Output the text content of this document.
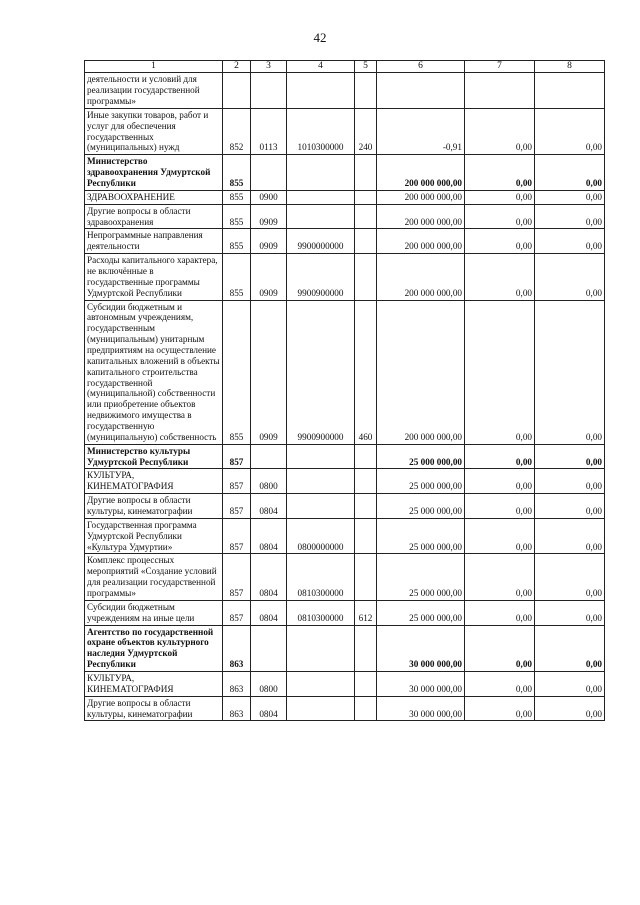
42
1	2	3	4	5	6	7	8
деятельности и условий для реализации государственной программы»							
Иные закупки товаров, работ и услуг для обеспечения государственных (муниципальных) нужд	852	0113	1010300000	240	-0,91	0,00	0,00
Министерство здравоохранения Удмуртской Республики	855				200 000 000,00	0,00	0,00
ЗДРАВООХРАНЕНИЕ	855	0900			200 000 000,00	0,00	0,00
Другие вопросы в области здравоохранения	855	0909			200 000 000,00	0,00	0,00
Непрограммные направления деятельности	855	0909	9900000000		200 000 000,00	0,00	0,00
Расходы капитального характера, не включённые в государственные программы Удмуртской Республики	855	0909	9900900000		200 000 000,00	0,00	0,00
Субсидии бюджетным и автономным учреждениям, государственным (муниципальным) унитарным предприятиям на осуществление капитальных вложений в объекты капитального строительства государственной (муниципальной) собственности или приобретение объектов недвижимого имущества в государственную (муниципальную) собственность	855	0909	9900900000	460	200 000 000,00	0,00	0,00
Министерство культуры Удмуртской Республики	857				25 000 000,00	0,00	0,00
КУЛЬТУРА, КИНЕМАТОГРАФИЯ	857	0800			25 000 000,00	0,00	0,00
Другие вопросы в области культуры, кинематографии	857	0804			25 000 000,00	0,00	0,00
Государственная программа Удмуртской Республики «Культура Удмуртии»	857	0804	0800000000		25 000 000,00	0,00	0,00
Комплекс процессных мероприятий «Создание условий для реализации государственной программы»	857	0804	0810300000		25 000 000,00	0,00	0,00
Субсидии бюджетным учреждениям на иные цели	857	0804	0810300000	612	25 000 000,00	0,00	0,00
Агентство по государственной охране объектов культурного наследия Удмуртской Республики	863				30 000 000,00	0,00	0,00
КУЛЬТУРА, КИНЕМАТОГРАФИЯ	863	0800			30 000 000,00	0,00	0,00
Другие вопросы в области культуры, кинематографии	863	0804			30 000 000,00	0,00	0,00
